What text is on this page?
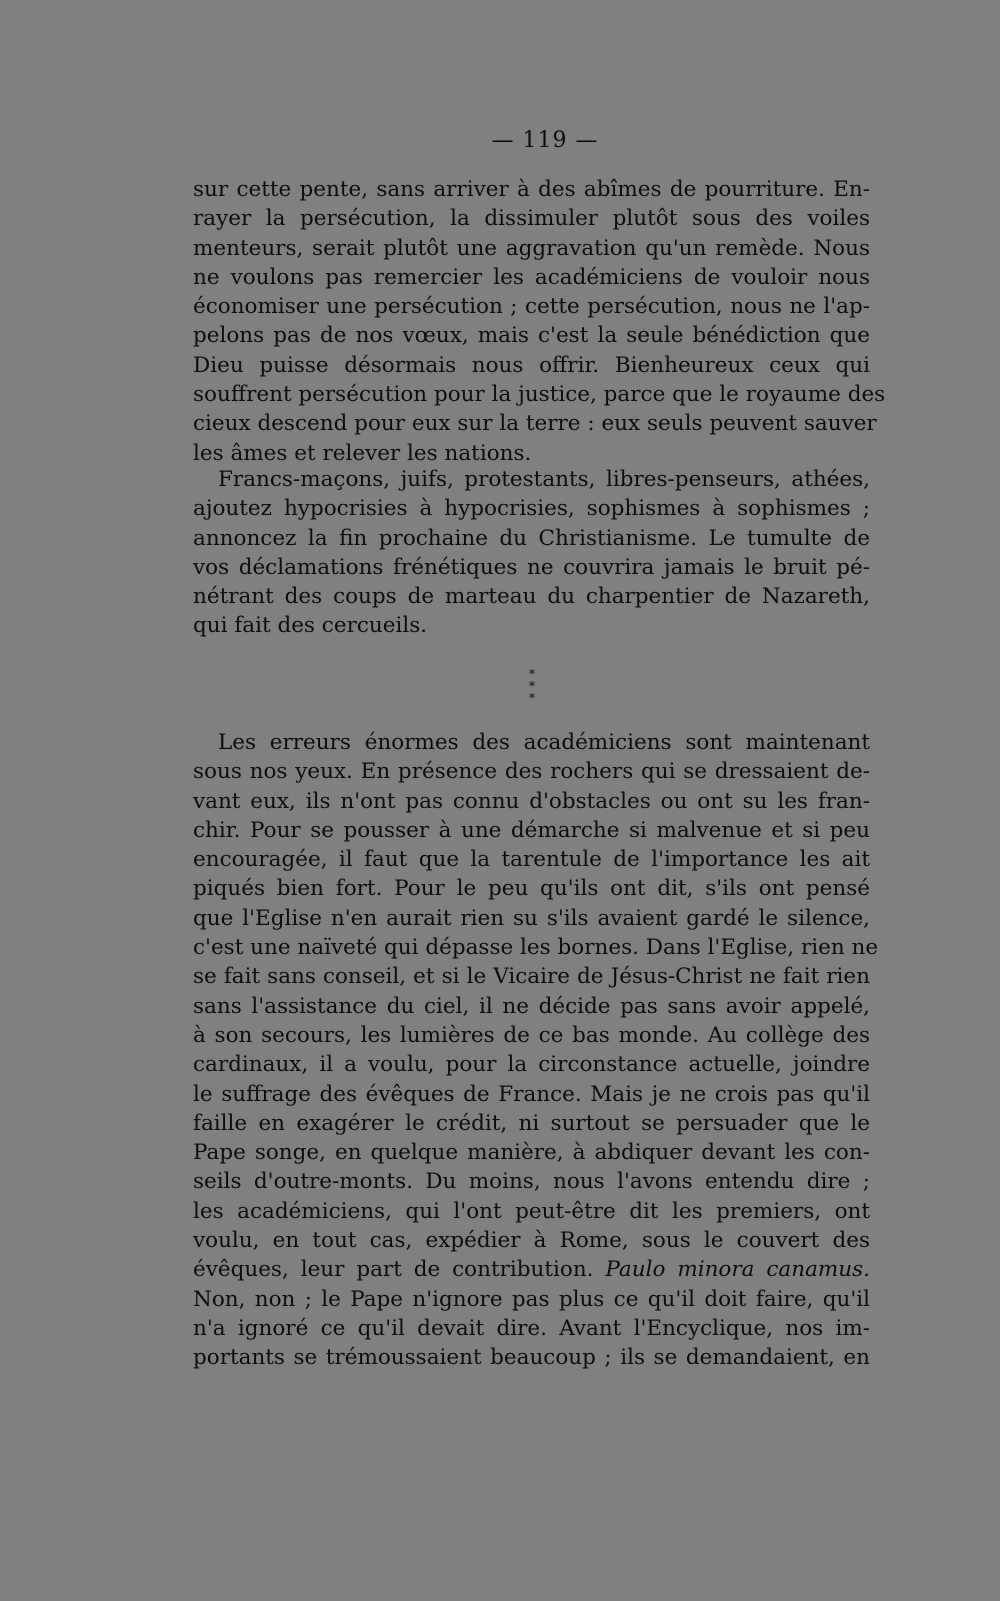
— 119 —
sur cette pente, sans arriver à des abîmes de pourriture. En-
rayer la persécution, la dissimuler plutôt sous des voiles
menteurs, serait plutôt une aggravation qu'un remède. Nous
ne voulons pas remercier les académiciens de vouloir nous
économiser une persécution ; cette persécution, nous ne l'ap-
pelons pas de nos vœux, mais c'est la seule bénédiction que
Dieu puisse désormais nous offrir. Bienheureux ceux qui
souffrent persécution pour la justice, parce que le royaume des
cieux descend pour eux sur la terre : eux seuls peuvent sauver
les âmes et relever les nations.
Francs-maçons, juifs, protestants, libres-penseurs, athées,
ajoutez hypocrisies à hypocrisies, sophismes à sophismes ;
annoncez la fin prochaine du Christianisme. Le tumulte de
vos déclamations frénétiques ne couvrira jamais le bruit pé-
nétrant des coups de marteau du charpentier de Nazareth,
qui fait des cercueils.
*
* *
Les erreurs énormes des académiciens sont maintenant
sous nos yeux. En présence des rochers qui se dressaient de-
vant eux, ils n'ont pas connu d'obstacles ou ont su les fran-
chir. Pour se pousser à une démarche si malvenue et si peu
encouragée, il faut que la tarentule de l'importance les ait
piqués bien fort. Pour le peu qu'ils ont dit, s'ils ont pensé
que l'Eglise n'en aurait rien su s'ils avaient gardé le silence,
c'est une naïveté qui dépasse les bornes. Dans l'Eglise, rien ne
se fait sans conseil, et si le Vicaire de Jésus-Christ ne fait rien
sans l'assistance du ciel, il ne décide pas sans avoir appelé,
à son secours, les lumières de ce bas monde. Au collège des
cardinaux, il a voulu, pour la circonstance actuelle, joindre
le suffrage des évêques de France. Mais je ne crois pas qu'il
faille en exagérer le crédit, ni surtout se persuader que le
Pape songe, en quelque manière, à abdiquer devant les con-
seils d'outre-monts. Du moins, nous l'avons entendu dire ;
les académiciens, qui l'ont peut-être dit les premiers, ont
voulu, en tout cas, expédier à Rome, sous le couvert des
évêques, leur part de contribution. Paulo minora canamus.
Non, non ; le Pape n'ignore pas plus ce qu'il doit faire, qu'il
n'a ignoré ce qu'il devait dire. Avant l'Encyclique, nos im-
portants se trémoussaient beaucoup ; ils se demandaient, en
